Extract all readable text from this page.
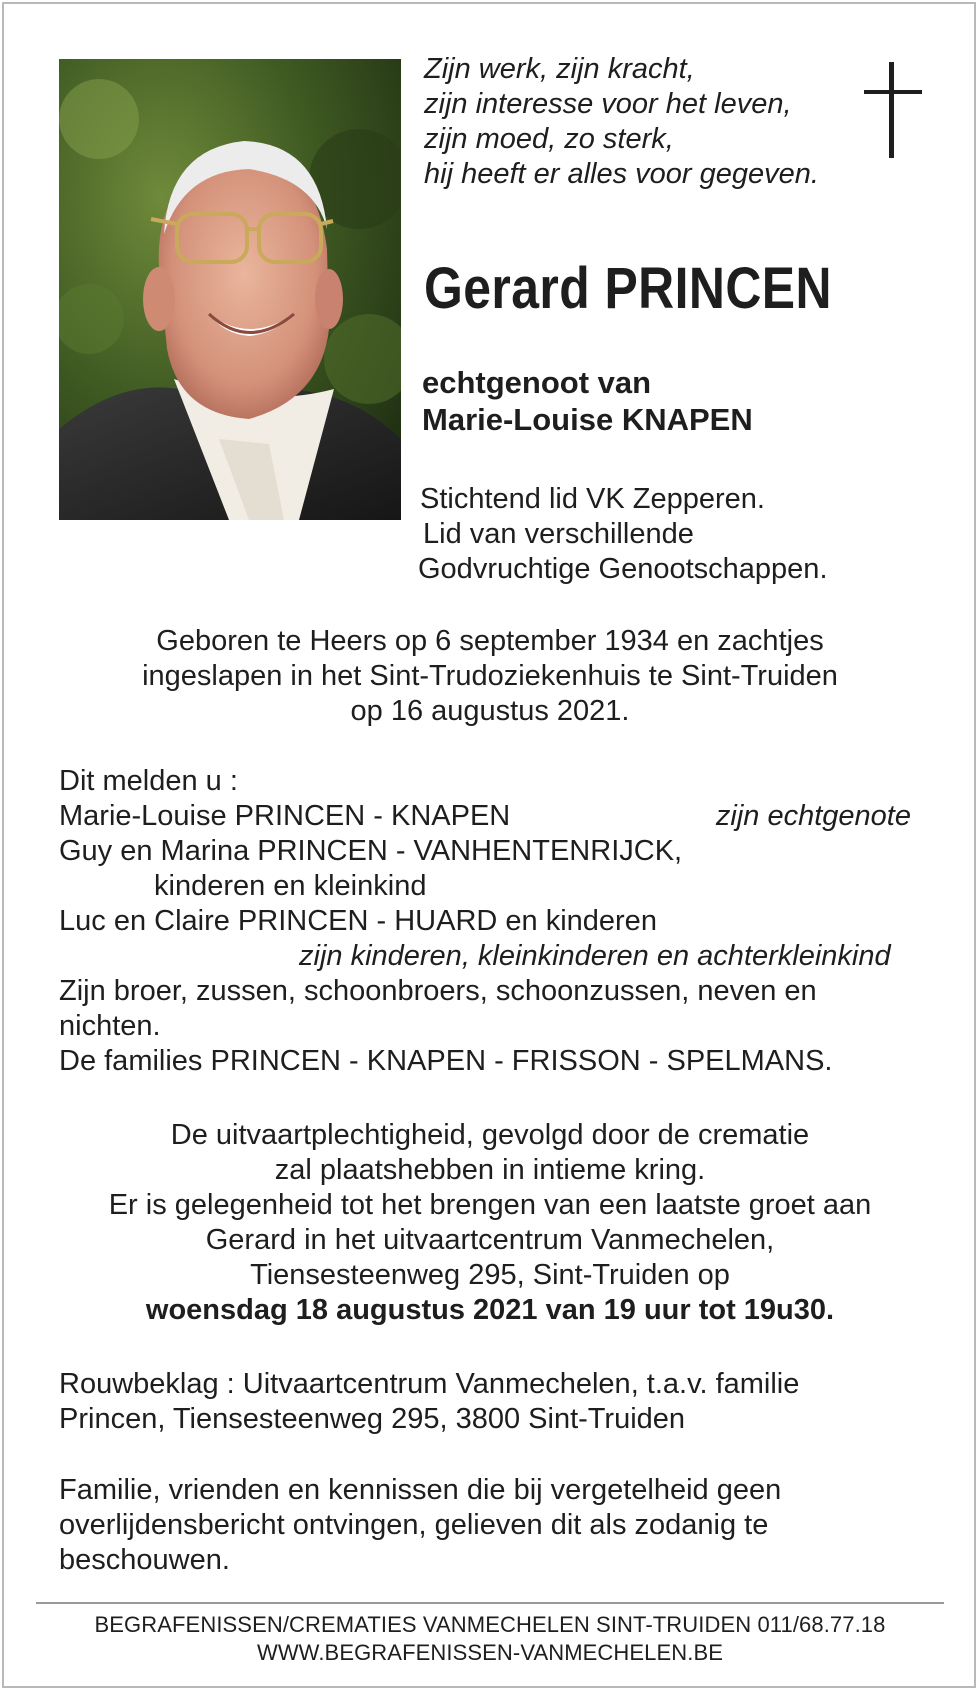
Zijn werk, zijn kracht,
zijn interesse voor het leven,
zijn moed, zo sterk,
hij heeft er alles voor gegeven.
Gerard PRINCEN
echtgenoot van
Marie-Louise KNAPEN
Stichtend lid VK Zepperen.
Lid van verschillende
Godvruchtige Genootschappen.
Geboren te Heers op 6 september 1934 en zachtjes
ingeslapen in het Sint-Trudoziekenhuis te Sint-Truiden
op 16 augustus 2021.
Dit melden u :
Marie-Louise PRINCEN - KNAPEN	zijn echtgenote
Guy en Marina PRINCEN - VANHENTENRIJCK,
kinderen en kleinkind
Luc en Claire PRINCEN - HUARD en kinderen
zijn kinderen, kleinkinderen en achterkleinkind
Zijn broer, zussen, schoonbroers, schoonzussen, neven en
nichten.
De families PRINCEN - KNAPEN - FRISSON - SPELMANS.
De uitvaartplechtigheid, gevolgd door de crematie
zal plaatshebben in intieme kring.
Er is gelegenheid tot het brengen van een laatste groet aan
Gerard in het uitvaartcentrum Vanmechelen,
Tiensesteenweg 295, Sint-Truiden op
woensdag 18 augustus 2021 van 19 uur tot 19u30.
Rouwbeklag : Uitvaartcentrum Vanmechelen, t.a.v. familie
Princen, Tiensesteenweg 295, 3800 Sint-Truiden
Familie, vrienden en kennissen die bij vergetelheid geen
overlijdensbericht ontvingen, gelieven dit als zodanig te
beschouwen.
BEGRAFENISSEN/CREMATIES VANMECHELEN SINT-TRUIDEN 011/68.77.18
WWW.BEGRAFENISSEN-VANMECHELEN.BE
